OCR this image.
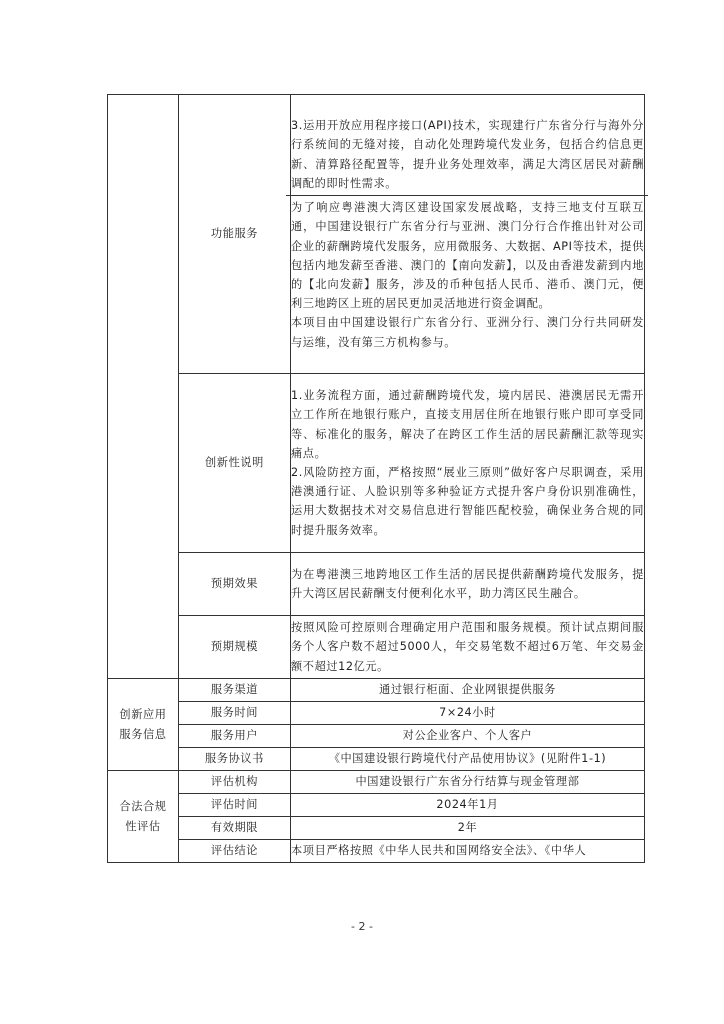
	功能服务	3.运用开放应用程序接口(API)技术，实现建行广东省分行与海外分行系统间的无缝对接，自动化处理跨境代发业务，包括合约信息更新、清算路径配置等，提升业务处理效率，满足大湾区居民对薪酬调配的即时性需求。
为了响应粤港澳大湾区建设国家发展战略，支持三地支付互联互通，中国建设银行广东省分行与亚洲、澳门分行合作推出针对公司企业的薪酬跨境代发服务，应用微服务、大数据、API等技术，提供包括内地发薪至香港、澳门的【南向发薪】，以及由香港发薪到内地的【北向发薪】服务，涉及的币种包括人民币、港币、澳门元，便利三地跨区上班的居民更加灵活地进行资金调配。
本项目由中国建设银行广东省分行、亚洲分行、澳门分行共同研发与运维，没有第三方机构参与。

	创新性说明	1.业务流程方面，通过薪酬跨境代发，境内居民、港澳居民无需开立工作所在地银行账户，直接支用居住所在地银行账户即可享受同等、标准化的服务，解决了在跨区工作生活的居民薪酬汇款等现实痛点。
2.风险防控方面，严格按照“展业三原则”做好客户尽职调查，采用港澳通行证、人脸识别等多种验证方式提升客户身份识别准确性，运用大数据技术对交易信息进行智能匹配校验，确保业务合规的同时提升服务效率。

	预期效果	为在粤港澳三地跨地区工作生活的居民提供薪酬跨境代发服务，提升大湾区居民薪酬支付便利化水平，助力湾区民生融合。
	预期规模	按照风险可控原则合理确定用户范围和服务规模。预计试点期间服务个人客户数不超过5000人，年交易笔数不超过6万笔、年交易金额不超过12亿元。
创新应用服务信息	服务渠道	通过银行柜面、企业网银提供服务
	服务时间	7×24小时
	服务用户	对公企业客户、个人客户
	服务协议书	《中国建设银行跨境代付产品使用协议》(见附件1-1)
合法合规性评估	评估机构	中国建设银行广东省分行结算与现金管理部
	评估时间	2024年1月
	有效期限	2年
	评估结论	本项目严格按照《中华人民共和国网络安全法》、《中华人
- 2 -
